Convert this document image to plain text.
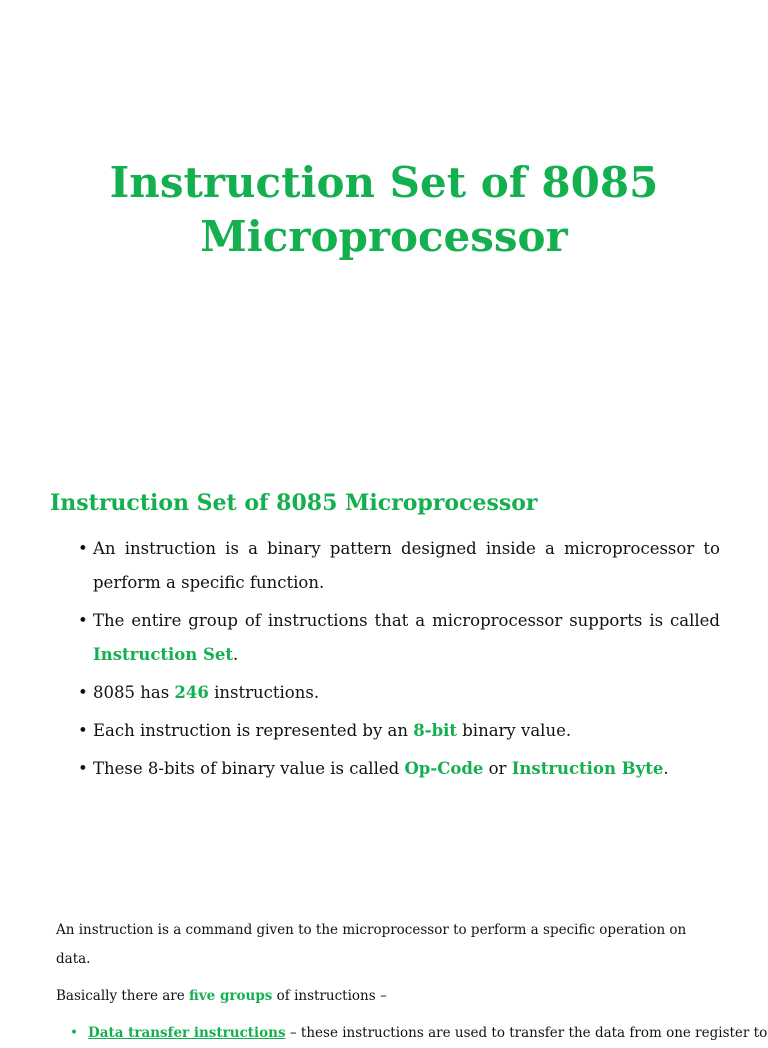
Instruction Set of 8085
Microprocessor
Instruction Set of 8085 Microprocessor
• An instruction is a binary pattern designed inside a microprocessor to perform a specific function.
• The entire group of instructions that a microprocessor supports is called Instruction Set.
• 8085 has 246 instructions.
• Each instruction is represented by an 8-bit binary value.
• These 8-bits of binary value is called Op-Code or Instruction Byte.

An instruction is a command given to the microprocessor to perform a specific operation on data.

Basically there are five groups of instructions –

• Data transfer instructions – these instructions are used to transfer the data from one register to
